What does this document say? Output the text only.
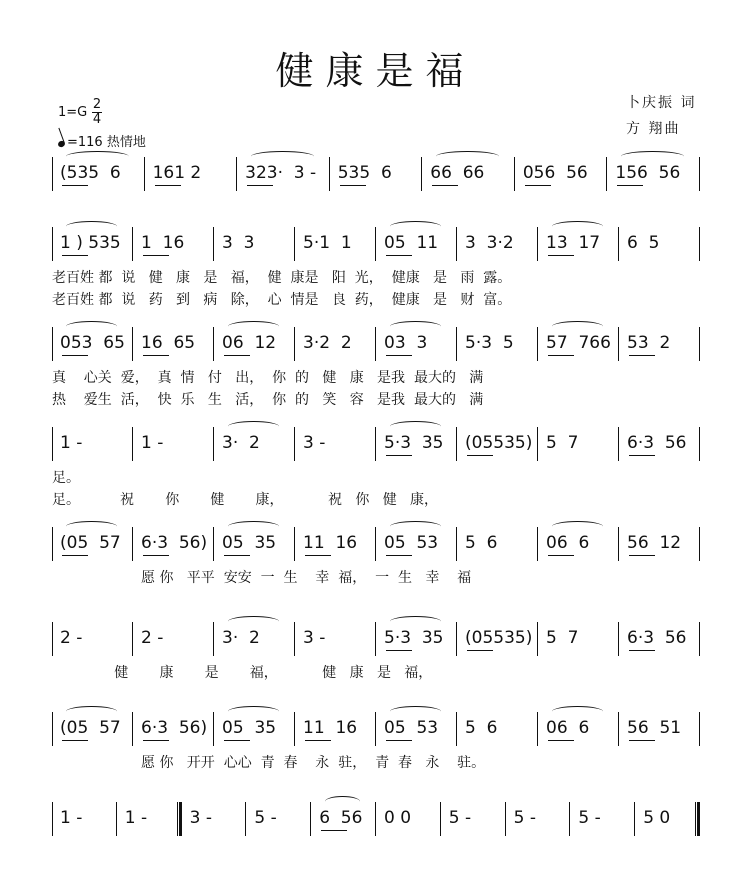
健康是福
1=G
2
4
=116 热情地
卜庆振 词
方 翔曲
(535  6 161 2	323·  3 - 535  6 66  66 056  56 156  56
1 ) 535 1  16 3  3	5·1  1 05  11 3  3·2 13  17 6  5
老百姓 都  说   健   康   是   福，  健  康是   阳  光，  健康   是   雨  露。
老百姓 都  说   药   到   病   除，  心  情是   良  药，  健康   是   财  富。
053  65 16  65 06  12 3·2  2 03  3 5·3  5 57  766 53  2
真    心关  爱，  真  情   付   出，  你  的   健   康   是我  最大的   满
热    爱生  活，  快  乐   生   活，  你  的   笑   容   是我  最大的   满
1 -	1 -	3·  2	3 -	5·3  35 (05535) 5  7	6·3  56
足。
足。         祝       你       健       康，          祝   你   健   康，
(05  57 6·3  56) 05  35 11  16 05  53 5  6	06  6 56  12
愿 你   平平  安安  一  生    幸  福，  一  生   幸    福
2 -	2 -	3·  2	3 -	5·3  35 (05535) 5  7	6·3  56
健       康       是       福，          健   康   是   福，
(05  57 6·3  56) 05  35 11  16 05  53 5  6	06  6 56  51
愿 你   开开  心心  青  春    永  驻，  青  春   永    驻。
1 - 1 - 3 - 5 - 6  56 0 0 5 - 5 - 5 - 5 0
